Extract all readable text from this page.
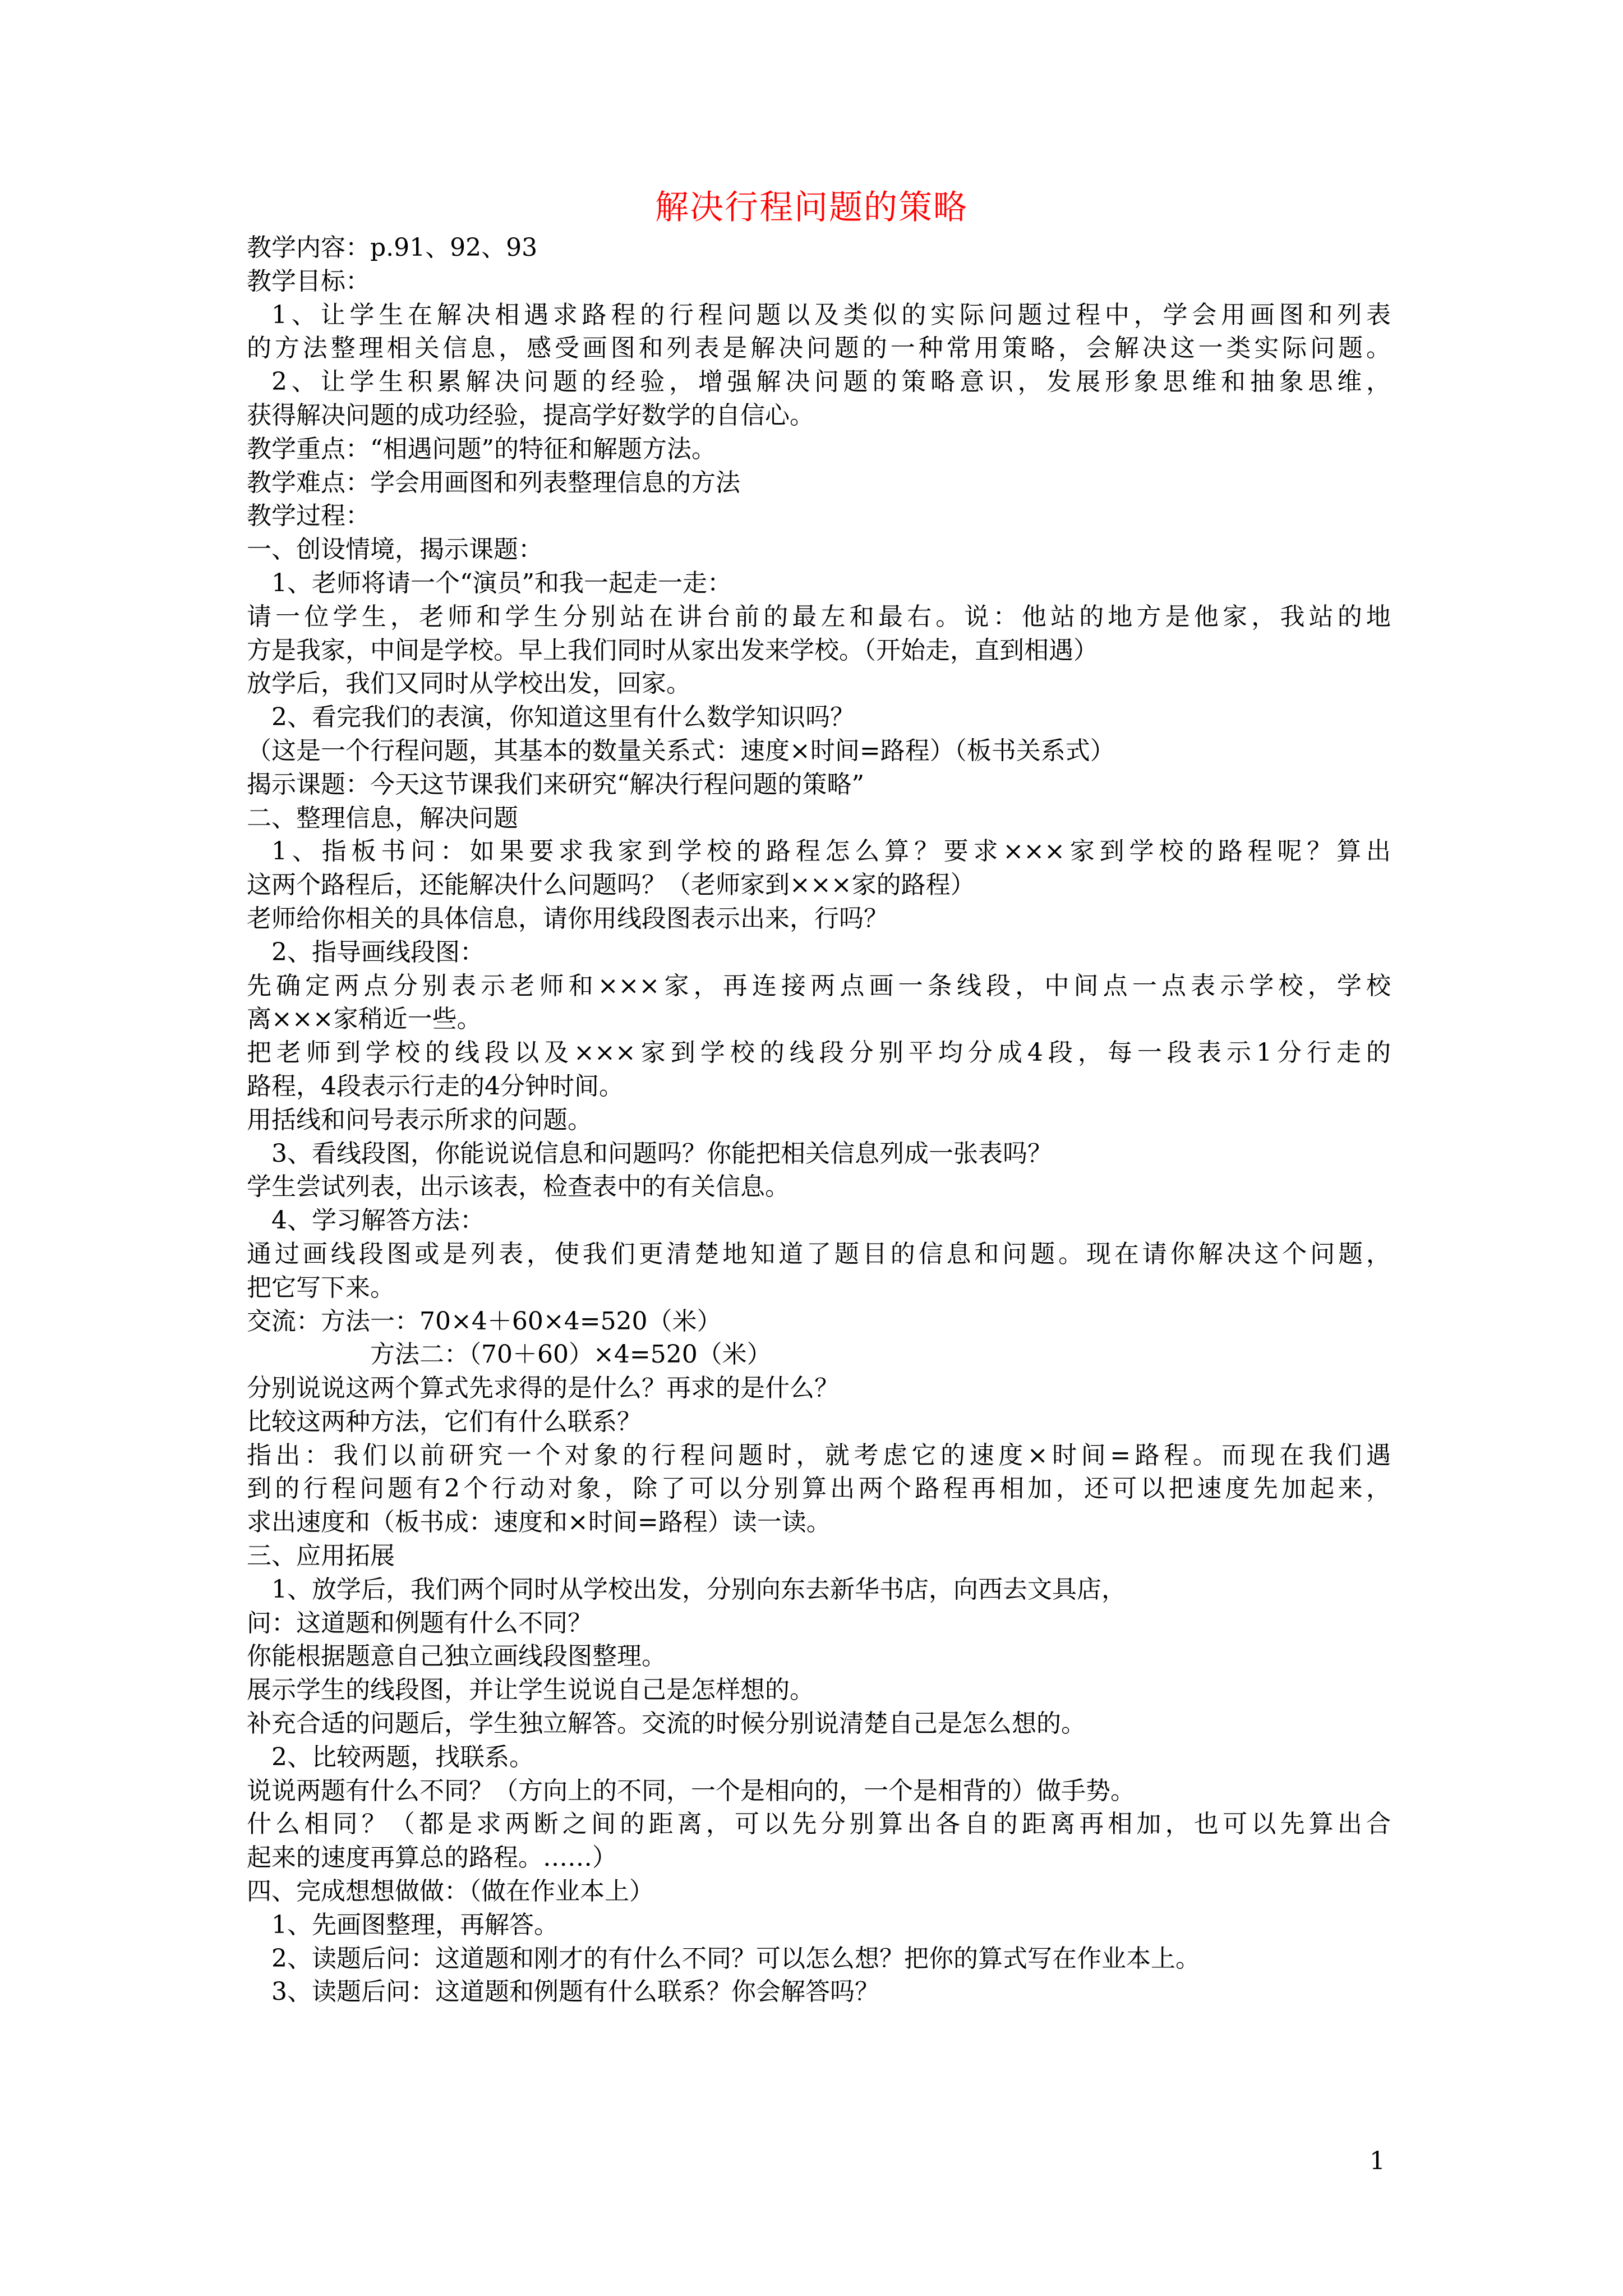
解决行程问题的策略
教学内容：p.91、92、93
教学目标：
1、让学生在解决相遇求路程的行程问题以及类似的实际问题过程中，学会用画图和列表
的方法整理相关信息，感受画图和列表是解决问题的一种常用策略，会解决这一类实际问题。
2、让学生积累解决问题的经验，增强解决问题的策略意识，发展形象思维和抽象思维，
获得解决问题的成功经验，提高学好数学的自信心。
教学重点：“相遇问题”的特征和解题方法。
教学难点：学会用画图和列表整理信息的方法
教学过程：
一、创设情境，揭示课题：
1、老师将请一个“演员”和我一起走一走：
请一位学生，老师和学生分别站在讲台前的最左和最右。说：他站的地方是他家，我站的地
方是我家，中间是学校。早上我们同时从家出发来学校。（开始走，直到相遇）
放学后，我们又同时从学校出发，回家。
2、看完我们的表演，你知道这里有什么数学知识吗？
（这是一个行程问题，其基本的数量关系式：速度×时间=路程）（板书关系式）
揭示课题：今天这节课我们来研究“解决行程问题的策略”
二、整理信息，解决问题
1、指板书问：如果要求我家到学校的路程怎么算？要求×××家到学校的路程呢？算出
这两个路程后，还能解决什么问题吗？（老师家到×××家的路程）
老师给你相关的具体信息，请你用线段图表示出来，行吗？
2、指导画线段图：
先确定两点分别表示老师和×××家，再连接两点画一条线段，中间点一点表示学校，学校
离×××家稍近一些。
把老师到学校的线段以及×××家到学校的线段分别平均分成4段，每一段表示1分行走的
路程，4段表示行走的4分钟时间。
用括线和问号表示所求的问题。
3、看线段图，你能说说信息和问题吗？你能把相关信息列成一张表吗？
学生尝试列表，出示该表，检查表中的有关信息。
4、学习解答方法：
通过画线段图或是列表，使我们更清楚地知道了题目的信息和问题。现在请你解决这个问题，
把它写下来。
交流：方法一：70×4＋60×4=520（米）
方法二：（70＋60）×4=520（米）
分别说说这两个算式先求得的是什么？再求的是什么？
比较这两种方法，它们有什么联系？
指出：我们以前研究一个对象的行程问题时，就考虑它的速度×时间=路程。而现在我们遇
到的行程问题有2个行动对象，除了可以分别算出两个路程再相加，还可以把速度先加起来，
求出速度和（板书成：速度和×时间=路程）读一读。
三、应用拓展
1、放学后，我们两个同时从学校出发，分别向东去新华书店，向西去文具店，
问：这道题和例题有什么不同？
你能根据题意自己独立画线段图整理。
展示学生的线段图，并让学生说说自己是怎样想的。
补充合适的问题后，学生独立解答。交流的时候分别说清楚自己是怎么想的。
2、比较两题，找联系。
说说两题有什么不同？（方向上的不同，一个是相向的，一个是相背的）做手势。
什么相同？（都是求两断之间的距离，可以先分别算出各自的距离再相加，也可以先算出合
起来的速度再算总的路程。……）
四、完成想想做做：（做在作业本上）
1、先画图整理，再解答。
2、读题后问：这道题和刚才的有什么不同？可以怎么想？把你的算式写在作业本上。
3、读题后问：这道题和例题有什么联系？你会解答吗？
1
